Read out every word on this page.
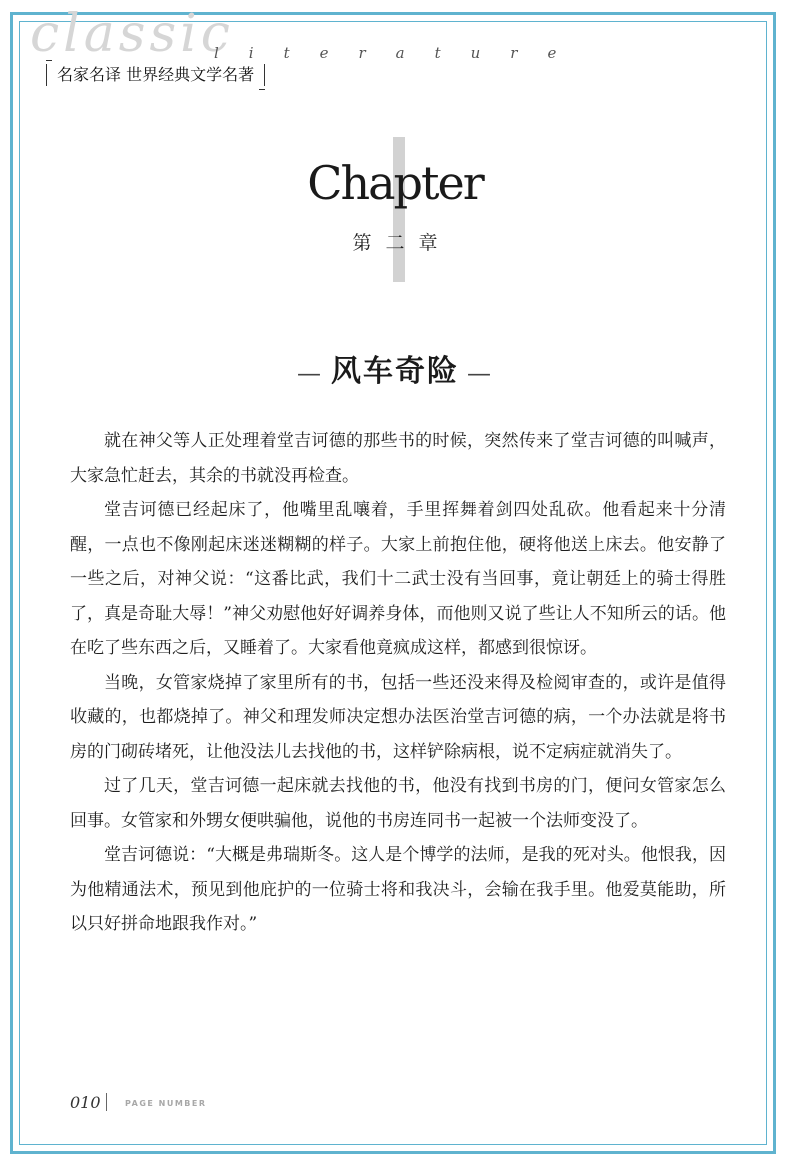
classic
literature
名家名译 世界经典文学名著
Chapter
第二章
— 风车奇险 —

就在神父等人正处理着堂吉诃德的那些书的时候，突然传来了堂吉诃德的叫喊声，大家急忙赶去，其余的书就没再检查。

堂吉诃德已经起床了，他嘴里乱嚷着，手里挥舞着剑四处乱砍。他看起来十分清醒，一点也不像刚起床迷迷糊糊的样子。大家上前抱住他，硬将他送上床去。他安静了一些之后，对神父说：“这番比武，我们十二武士没有当回事，竟让朝廷上的骑士得胜了，真是奇耻大辱！”神父劝慰他好好调养身体，而他则又说了些让人不知所云的话。他在吃了些东西之后，又睡着了。大家看他竟疯成这样，都感到很惊讶。

当晚，女管家烧掉了家里所有的书，包括一些还没来得及检阅审查的，或许是值得收藏的，也都烧掉了。神父和理发师决定想办法医治堂吉诃德的病，一个办法就是将书房的门砌砖堵死，让他没法儿去找他的书，这样铲除病根，说不定病症就消失了。

过了几天，堂吉诃德一起床就去找他的书，他没有找到书房的门，便问女管家怎么回事。女管家和外甥女便哄骗他，说他的书房连同书一起被一个法师变没了。

堂吉诃德说：“大概是弗瑞斯冬。这人是个博学的法师，是我的死对头。他恨我，因为他精通法术，预见到他庇护的一位骑士将和我决斗，会输在我手里。他爱莫能助，所以只好拼命地跟我作对。”

010	PAGE NUMBER
